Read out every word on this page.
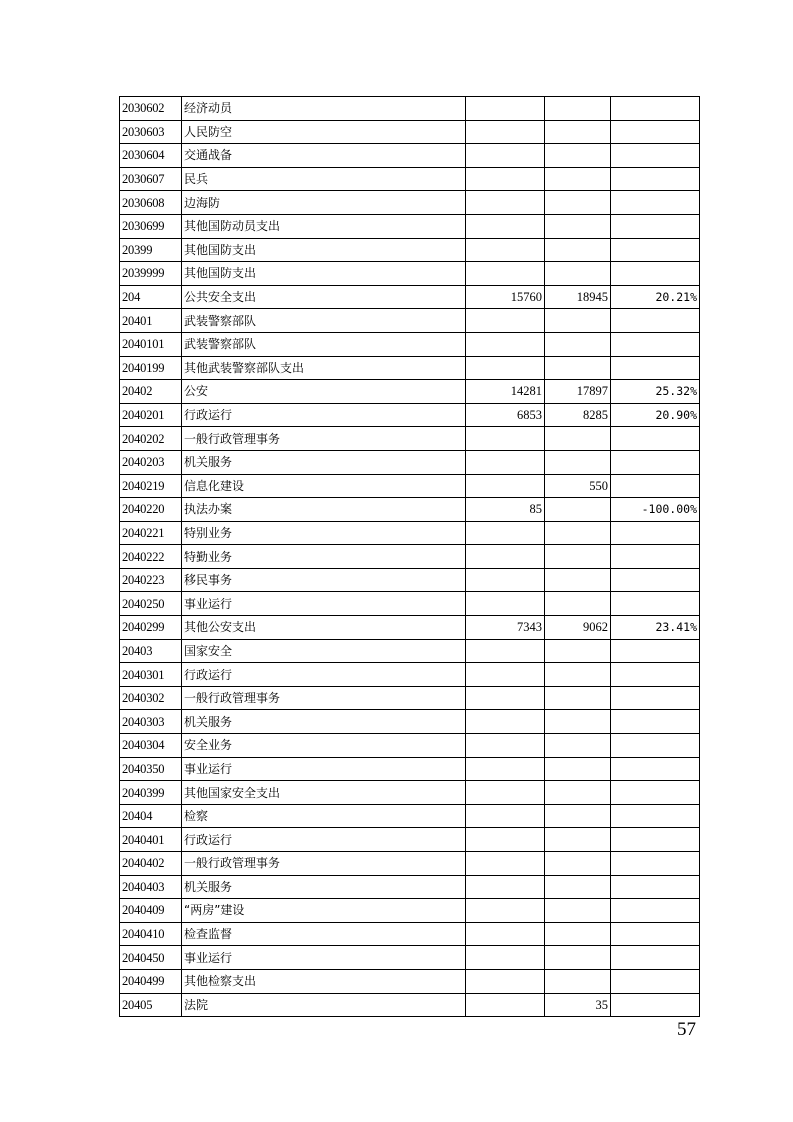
2030602	经济动员			
2030603	人民防空			
2030604	交通战备			
2030607	民兵			
2030608	边海防			
2030699	其他国防动员支出			
20399	其他国防支出			
2039999	其他国防支出			
204	公共安全支出	15760	18945	20.21%
20401	武装警察部队			
2040101	武装警察部队			
2040199	其他武装警察部队支出			
20402	公安	14281	17897	25.32%
2040201	行政运行	6853	8285	20.90%
2040202	一般行政管理事务			
2040203	机关服务			
2040219	信息化建设		550	
2040220	执法办案	85		-100.00%
2040221	特别业务			
2040222	特勤业务			
2040223	移民事务			
2040250	事业运行			
2040299	其他公安支出	7343	9062	23.41%
20403	国家安全			
2040301	行政运行			
2040302	一般行政管理事务			
2040303	机关服务			
2040304	安全业务			
2040350	事业运行			
2040399	其他国家安全支出			
20404	检察			
2040401	行政运行			
2040402	一般行政管理事务			
2040403	机关服务			
2040409	“两房”建设			
2040410	检查监督			
2040450	事业运行			
2040499	其他检察支出			
20405	法院		35	
57
